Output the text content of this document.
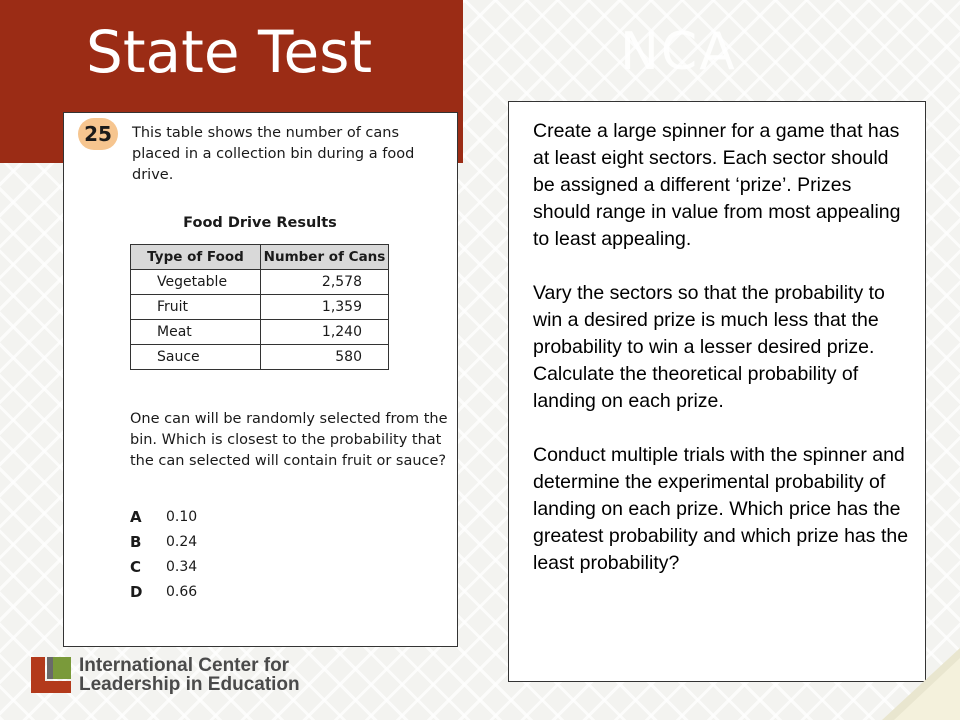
State Test	NCA
25	This table shows the number of cans placed in a collection bin during a food drive.
Food Drive Results
Type of Food	Number of Cans
Vegetable	2,578
Fruit	1,359
Meat	1,240
Sauce	580
One can will be randomly selected from the bin. Which is closest to the probability that the can selected will contain fruit or sauce?
A	0.10
B	0.24
C	0.34
D	0.66

Create a large spinner for a game that has at least eight sectors. Each sector should be assigned a different ‘prize’. Prizes should range in value from most appealing to least appealing.

Vary the sectors so that the probability to win a desired prize is much less that the probability to win a lesser desired prize. Calculate the theoretical probability of landing on each prize.

Conduct multiple trials with the spinner and determine the experimental probability of landing on each prize. Which price has the greatest probability and which prize has the least probability?

International Center for
Leadership in Education
